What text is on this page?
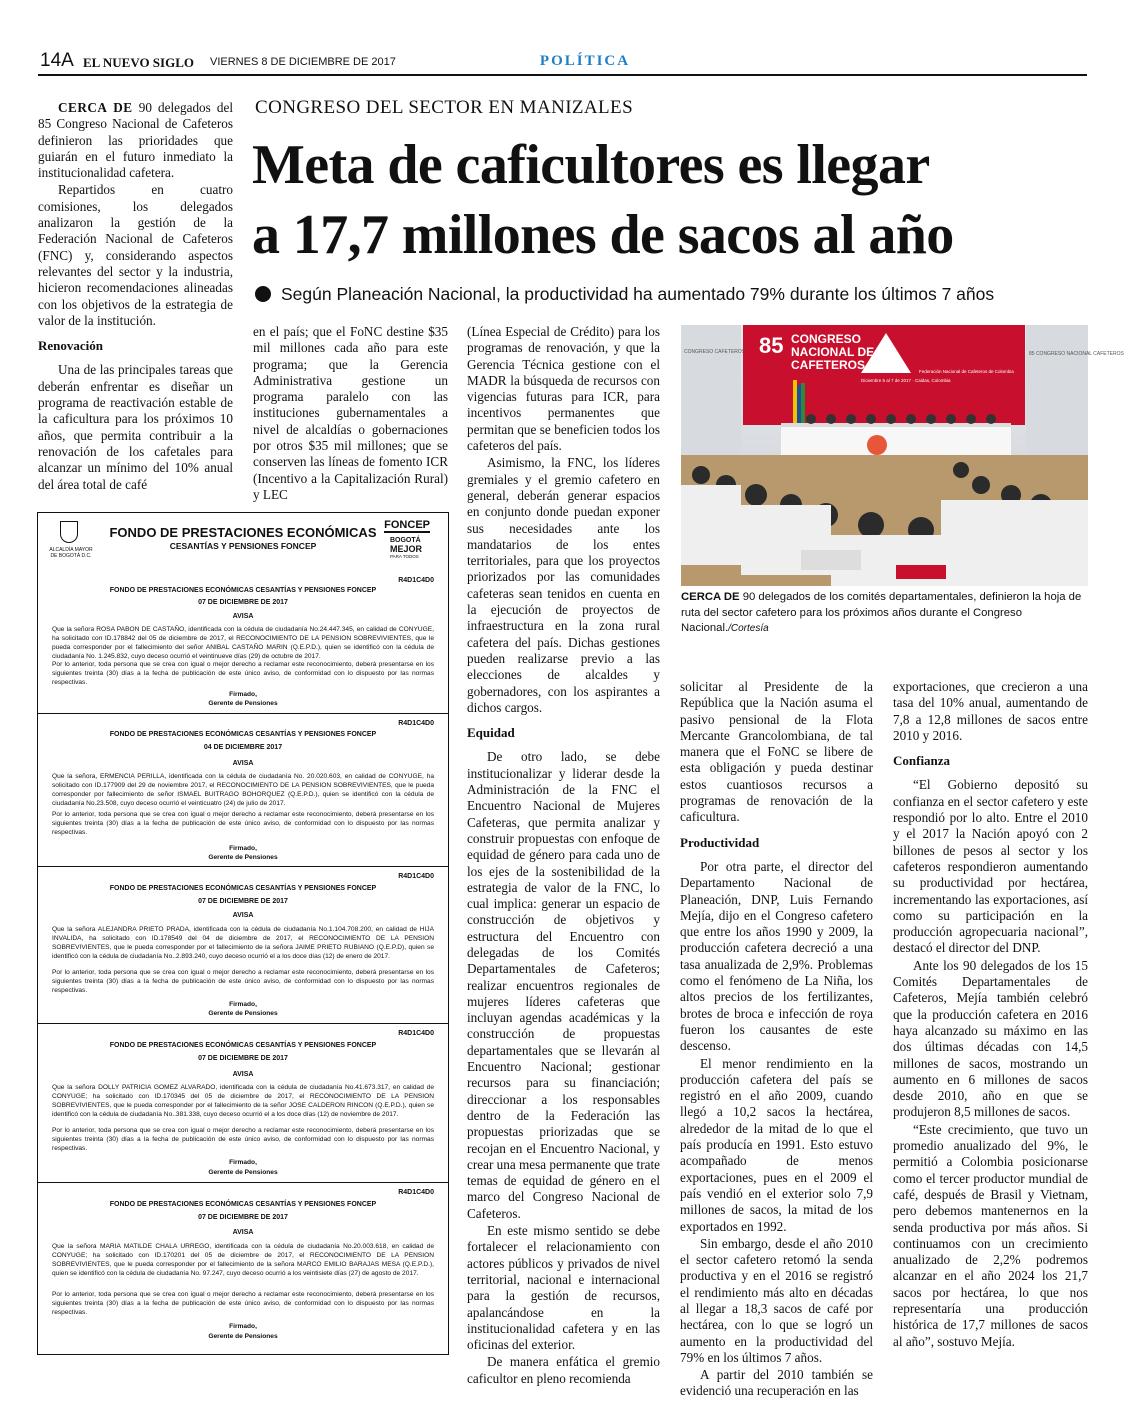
14A EL NUEVO SIGLO VIERNES 8 DE DICIEMBRE DE 2017	POLÍTICA

CERCA DE 90 delegados del 85 Congreso Nacional de Cafeteros definieron las prioridades que guiarán en el futuro inmediato la institucionalidad cafetera.

Repartidos en cuatro comisiones, los delegados analizaron la gestión de la Federación Nacional de Cafeteros (FNC) y, considerando aspectos relevantes del sector y la industria, hicieron recomendaciones alineadas con los objetivos de la estrategia de valor de la institución.

Renovación

Una de las principales tareas que deberán enfrentar es diseñar un programa de reactivación estable de la caficultura para los próximos 10 años, que permita contribuir a la renovación de los cafetales para alcanzar un mínimo del 10% anual del área total de café

CONGRESO DEL SECTOR EN MANIZALES
Meta de caficultores es llegar
a 17,7 millones de sacos al año
Según Planeación Nacional, la productividad ha aumentado 79% durante los últimos 7 años

en el país; que el FoNC destine $35 mil millones cada año para este programa; que la Gerencia Administrativa gestione un programa paralelo con las instituciones gubernamentales a nivel de alcaldías o gobernaciones por otros $35 mil millones; que se conserven las líneas de fomento ICR (Incentivo a la Capitalización Rural) y LEC

(Línea Especial de Crédito) para los programas de renovación, y que la Gerencia Técnica gestione con el MADR la búsqueda de recursos con vigencias futuras para ICR, para incentivos permanentes que permitan que se beneficien todos los cafeteros del país.

Asimismo, la FNC, los líderes gremiales y el gremio cafetero en general, deberán generar espacios en conjunto donde puedan exponer sus necesidades ante los mandatarios de los entes territoriales, para que los proyectos priorizados por las comunidades cafeteras sean tenidos en cuenta en la ejecución de proyectos de infraestructura en la zona rural cafetera del país. Dichas gestiones pueden realizarse previo a las elecciones de alcaldes y gobernadores, con los aspirantes a dichos cargos.

Equidad

De otro lado, se debe institucionalizar y liderar desde la Administración de la FNC el Encuentro Nacional de Mujeres Cafeteras, que permita analizar y construir propuestas con enfoque de equidad de género para cada uno de los ejes de la sostenibilidad de la estrategia de valor de la FNC, lo cual implica: generar un espacio de construcción de objetivos y estructura del Encuentro con delegadas de los Comités Departamentales de Cafeteros; realizar encuentros regionales de mujeres líderes cafeteras que incluyan agendas académicas y la construcción de propuestas departamentales que se llevarán al Encuentro Nacional; gestionar recursos para su financiación; direccionar a los responsables dentro de la Federación las propuestas priorizadas que se recojan en el Encuentro Nacional, y crear una mesa permanente que trate temas de equidad de género en el marco del Congreso Nacional de Cafeteros.

En este mismo sentido se debe fortalecer el relacionamiento con actores públicos y privados de nivel territorial, nacional e internacional para la gestión de recursos, apalancándose en la institucionalidad cafetera y en las oficinas del exterior.

De manera enfática el gremio caficultor en pleno recomienda

85 CONGRESO
NACIONAL DE
CAFETEROS
Diciembre 5 al 7 de 2017 · Caldas, Colombia
Federación Nacional de Cafeteros de Colombia
CONGRESO CAFETEROS	85 CONGRESO NACIONAL CAFETEROS
CERCA DE 90 delegados de los comités departamentales, definieron la hoja de ruta del sector cafetero para los próximos años durante el Congreso Nacional./Cortesía

solicitar al Presidente de la República que la Nación asuma el pasivo pensional de la Flota Mercante Grancolombiana, de tal manera que el FoNC se libere de esta obligación y pueda destinar estos cuantiosos recursos a programas de renovación de la caficultura.

Productividad

Por otra parte, el director del Departamento Nacional de Planeación, DNP, Luis Fernando Mejía, dijo en el Congreso cafetero que entre los años 1990 y 2009, la producción cafetera decreció a una tasa anualizada de 2,9%. Problemas como el fenómeno de La Niña, los altos precios de los fertilizantes, brotes de broca e infección de roya fueron los causantes de este descenso.

El menor rendimiento en la producción cafetera del país se registró en el año 2009, cuando llegó a 10,2 sacos la hectárea, alrededor de la mitad de lo que el país producía en 1991. Esto estuvo acompañado de menos exportaciones, pues en el 2009 el país vendió en el exterior solo 7,9 millones de sacos, la mitad de los exportados en 1992.

Sin embargo, desde el año 2010 el sector cafetero retomó la senda productiva y en el 2016 se registró el rendimiento más alto en décadas al llegar a 18,3 sacos de café por hectárea, con lo que se logró un aumento en la productividad del 79% en los últimos 7 años.

A partir del 2010 también se evidenció una recuperación en las

exportaciones, que crecieron a una tasa del 10% anual, aumentando de 7,8 a 12,8 millones de sacos entre 2010 y 2016.

Confianza

“El Gobierno depositó su confianza en el sector cafetero y este respondió por lo alto. Entre el 2010 y el 2017 la Nación apoyó con 2 billones de pesos al sector y los cafeteros respondieron aumentando su productividad por hectárea, incrementando las exportaciones, así como su participación en la producción agropecuaria nacional”, destacó el director del DNP.

Ante los 90 delegados de los 15 Comités Departamentales de Cafeteros, Mejía también celebró que la producción cafetera en 2016 haya alcanzado su máximo en las dos últimas décadas con 14,5 millones de sacos, mostrando un aumento en 6 millones de sacos desde 2010, año en que se produjeron 8,5 millones de sacos.

“Este crecimiento, que tuvo un promedio anualizado del 9%, le permitió a Colombia posicionarse como el tercer productor mundial de café, después de Brasil y Vietnam, pero debemos mantenernos en la senda productiva por más años. Si continuamos con un crecimiento anualizado de 2,2% podremos alcanzar en el año 2024 los 21,7 sacos por hectárea, lo que nos representaría una producción histórica de 17,7 millones de sacos al año”, sostuvo Mejía.

ALCALDÍA MAYOR DE BOGOTÁ D.C.
FONDO DE PRESTACIONES ECONÓMICAS
CESANTÍAS Y PENSIONES FONCEP
FONCEP
BOGOTÁ
MEJOR
PARA TODOS
R4D1C4D0
FONDO DE PRESTACIONES ECONÓMICAS CESANTÍAS Y PENSIONES FONCEP
07 DE DICIEMBRE DE 2017
AVISA
Que la señora ROSA PABON DE CASTAÑO, identificada con la cédula de ciudadanía No.24.447.345, en calidad de CONYUGE, ha solicitado con ID.178842 del 05 de diciembre de 2017, el RECONOCIMIENTO DE LA PENSION SOBREVIVIENTES, que le pueda corresponder por el fallecimiento del señor ANIBAL CASTAÑO MARIN (Q.E.P.D.), quien se identificó con la cédula de ciudadanía No. 1.245.832, cuyo deceso ocurrió el veintinueve días (29) de octubre de 2017.
Por lo anterior, toda persona que se crea con igual o mejor derecho a reclamar este reconocimiento, deberá presentarse en los siguientes treinta (30) días a la fecha de publicación de este único aviso, de conformidad con lo dispuesto por las normas respectivas.
Firmado,
Gerente de Pensiones
R4D1C4D0
FONDO DE PRESTACIONES ECONÓMICAS CESANTÍAS Y PENSIONES FONCEP
04 DE DICIEMBRE 2017
AVISA
Que la señora, ERMENCIA PERILLA, identificada con la cédula de ciudadanía No. 20.020.603, en calidad de CONYUGE, ha solicitado con ID.177909 del 29 de noviembre 2017, el RECONOCIMIENTO DE LA PENSION SOBREVIVIENTES, que le pueda corresponder por fallecimiento de señor ISMAEL BUITRAGO BOHORQUEZ (Q.E.P.D.), quien se identificó con la cédula de ciudadanía No.23.508, cuyo deceso ocurrió el veinticuatro (24) de julio de 2017.
Por lo anterior, toda persona que se crea con igual o mejor derecho a reclamar este reconocimiento, deberá presentarse en los siguientes treinta (30) días a la fecha de publicación de este único aviso, de conformidad con lo dispuesto por las normas respectivas.
Firmado,
Gerente de Pensiones
R4D1C4D0
FONDO DE PRESTACIONES ECONÓMICAS CESANTÍAS Y PENSIONES FONCEP
07 DE DICIEMBRE DE 2017
AVISA
Que la señora ALEJANDRA PRIETO PRADA, identificada con la cédula de ciudadanía No.1.104.708.200, en calidad de HIJA INVALIDA, ha solicitado con ID.178549 del 04 de diciembre de 2017, el RECONOCIMIENTO DE LA PENSION SOBREVIVIENTES, que le pueda corresponder por el fallecimiento de la señora JAIME PRIETO RUBIANO (Q.E.P.D), quien se identificó con la cédula de ciudadanía No..2.893.240, cuyo deceso ocurrió el a los doce días (12) de enero de 2017.
Por lo anterior, toda persona que se crea con igual o mejor derecho a reclamar este reconocimiento, deberá presentarse en los siguientes treinta (30) días a la fecha de publicación de este único aviso, de conformidad con lo dispuesto por las normas respectivas.
Firmado,
Gerente de Pensiones
R4D1C4D0
FONDO DE PRESTACIONES ECONÓMICAS CESANTÍAS Y PENSIONES FONCEP
07 DE DICIEMBRE DE 2017
AVISA
Que la señora DOLLY PATRICIA GOMEZ ALVARADO, identificada con la cédula de ciudadanía No.41.673.317, en calidad de CONYUGE; ha solicitado con ID.170345 del 05 de diciembre de 2017, el RECONOCIMIENTO DE LA PENSION SOBREVIVIENTES, que le pueda corresponder por el fallecimiento de la señor JOSE CALDERON RINCON (Q.E.P.D.), quien se identificó con la cédula de ciudadanía No..381.338, cuyo deceso ocurrió el a los doce días (12) de noviembre de 2017.
Por lo anterior, toda persona que se crea con igual o mejor derecho a reclamar este reconocimiento, deberá presentarse en los siguientes treinta (30) días a la fecha de publicación de este único aviso, de conformidad con lo dispuesto por las normas respectivas.
Firmado,
Gerente de Pensiones
R4D1C4D0
FONDO DE PRESTACIONES ECONÓMICAS CESANTÍAS Y PENSIONES FONCEP
07 DE DICIEMBRE DE 2017
AVISA
Que la señora MARIA MATILDE CHALA URREGO, identificada con la cédula de ciudadanía No.20.003.618, en calidad de CONYUGE; ha solicitado con ID.170201 del 05 de diciembre de 2017, el RECONOCIMIENTO DE LA PENSION SOBREVIVIENTES, que le pueda corresponder por el fallecimiento de la señora MARCO EMILIO BARAJAS MESA (Q.E.P.D.), quien se identificó con la cédula de ciudadanía No. 97.247, cuyo deceso ocurrió a los veintisiete días (27) de agosto de 2017.
Por lo anterior, toda persona que se crea con igual o mejor derecho a reclamar este reconocimiento, deberá presentarse en los siguientes treinta (30) días a la fecha de publicación de este único aviso, de conformidad con lo dispuesto por las normas respectivas.
Firmado,
Gerente de Pensiones
